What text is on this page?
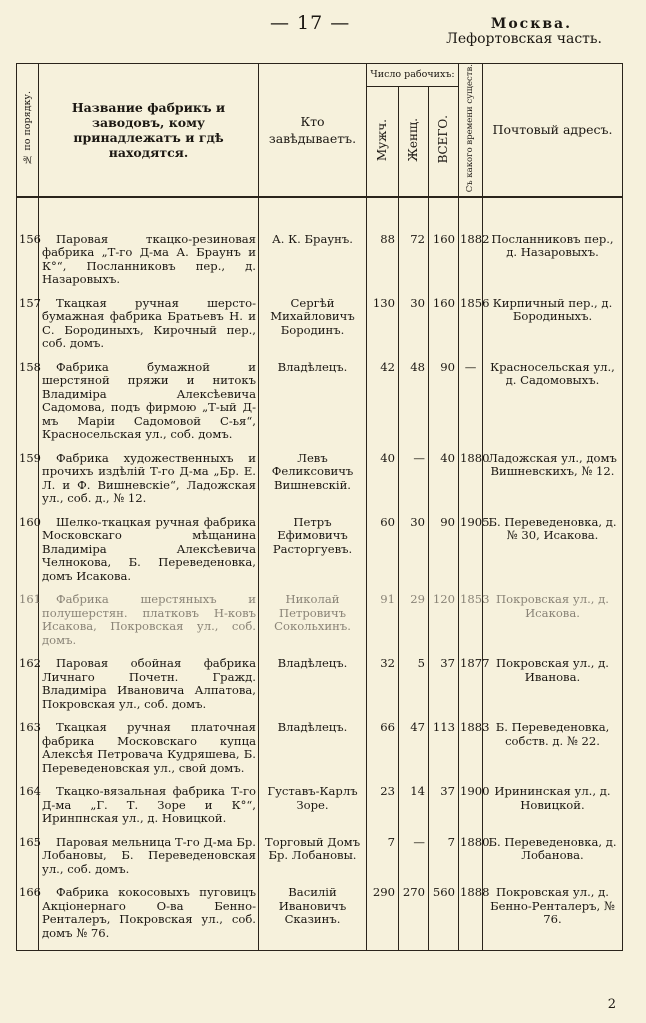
— 17 —	Москва.
Лефортовская часть.
№ по порядку.	Название фабрикъ и заводовъ, кому принадлежатъ и гдѣ находятся.	Кто завѣдываетъ.	Число рабочихъ:			Съ какого времени существ.	Почтовый адресъ.
			Мужч.	Женщ.	ВСЕГО.		

156	Паровая ткацко-резиновая фабрика „Т-го Д-ма А. Браунъ и К°“, Посланниковъ пер., д. Назаровыхъ.	А. К. Браунъ.	88	72	160	1882	Посланниковъ пер., д. Назаровыхъ.
157	Ткацкая ручная шерсто-бумажная фабрика Братьевъ Н. и С. Бородиныхъ, Кирочный пер., соб. домъ.	Сергѣй Михайловичъ Бородинъ.	130	30	160	1856	Кирпичный пер., д. Бородиныхъ.
158	Фабрика бумажной и шерстяной пряжи и нитокъ Владиміра Алексѣевича Садомова, подъ фирмою „Т-ый Д-мъ Маріи Садомовой С-ья“, Красносельская ул., соб. домъ.	Владѣлецъ.	42	48	90	—	Красносельская ул., д. Садомовыхъ.
159	Фабрика художественныхъ и прочихъ издѣлій Т-го Д-ма „Бр. Е. Л. и Ф. Вишневскіе“, Ладожская ул., соб. д., № 12.	Левъ Феликсовичъ Вишневскій.	40	—	40	1880	Ладожская ул., домъ Вишневскихъ, № 12.
160	Шелко-ткацкая ручная фабрика Московскаго мѣщанина Владиміра Алексѣевича Челнокова, Б. Переведеновка, домъ Исакова.	Петръ Ефимовичъ Расторгуевъ.	60	30	90	1905	Б. Переведеновка, д. № 30, Исакова.
161	Фабрика шерстяныхъ и полушерстян. платковъ Н-ковъ Исакова, Покровская ул., соб. домъ.	Николай Петровичъ Сокольхинъ.	91	29	120	1853	Покровская ул., д. Исакова.
162	Паровая обойная фабрика Личнаго Почетн. Гражд. Владиміра Ивановича Алпатова, Покровская ул., соб. домъ.	Владѣлецъ.	32	5	37	1877	Покровская ул., д. Иванова.
163	Ткацкая ручная платочная фабрика Московскаго купца Алексѣя Петровача Кудряшева, Б. Переведеновская ул., свой домъ.	Владѣлецъ.	66	47	113	1883	Б. Переведеновка, собств. д. № 22.
164	Ткацко-вязальная фабрика Т-го Д-ма „Г. Т. Зоре и К°“, Иринпнская ул., д. Новицкой.	Густавъ-Карлъ Зоре.	23	14	37	1900	Ирининская ул., д. Новицкой.
165	Паровая мельница Т-го Д-ма Бр. Лобановы, Б. Переведеновская ул., соб. домъ.	Торговый Домъ Бр. Лобановы.	7	—	7	1880	Б. Переведеновка, д. Лобанова.
166	Фабрика кокосовыхъ пуговицъ Акціонернаго О-ва Бенно-Ренталеръ, Покровская ул., соб. домъ № 76.	Василій Ивановичъ Сказинъ.	290	270	560	1888	Покровская ул., д. Бенно-Ренталеръ, № 76.
2
